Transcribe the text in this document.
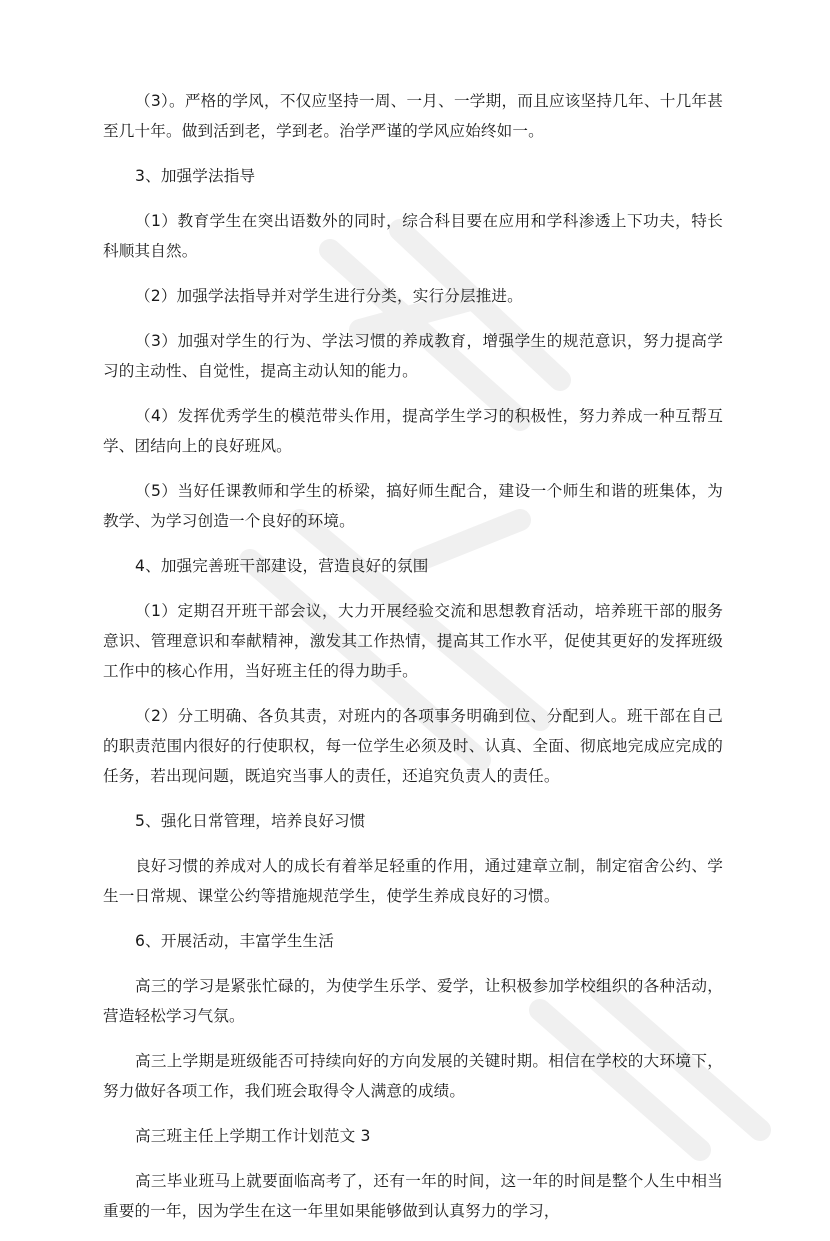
（3）。严格的学风，不仅应坚持一周、一月、一学期，而且应该坚持几年、十几年甚至几十年。做到活到老，学到老。治学严谨的学风应始终如一。

3、加强学法指导

（1）教育学生在突出语数外的同时，综合科目要在应用和学科渗透上下功夫，特长科顺其自然。

（2）加强学法指导并对学生进行分类，实行分层推进。

（3）加强对学生的行为、学法习惯的养成教育，增强学生的规范意识，努力提高学习的主动性、自觉性，提高主动认知的能力。

（4）发挥优秀学生的模范带头作用，提高学生学习的积极性，努力养成一种互帮互学、团结向上的良好班风。

（5）当好任课教师和学生的桥梁，搞好师生配合，建设一个师生和谐的班集体，为教学、为学习创造一个良好的环境。

4、加强完善班干部建设，营造良好的氛围

（1）定期召开班干部会议，大力开展经验交流和思想教育活动，培养班干部的服务意识、管理意识和奉献精神，激发其工作热情，提高其工作水平，促使其更好的发挥班级工作中的核心作用，当好班主任的得力助手。

（2）分工明确、各负其责，对班内的各项事务明确到位、分配到人。班干部在自己的职责范围内很好的行使职权，每一位学生必须及时、认真、全面、彻底地完成应完成的任务，若出现问题，既追究当事人的责任，还追究负责人的责任。

5、强化日常管理，培养良好习惯

良好习惯的养成对人的成长有着举足轻重的作用，通过建章立制，制定宿舍公约、学生一日常规、课堂公约等措施规范学生，使学生养成良好的习惯。

6、开展活动，丰富学生生活

高三的学习是紧张忙碌的，为使学生乐学、爱学，让积极参加学校组织的各种活动，营造轻松学习气氛。

高三上学期是班级能否可持续向好的方向发展的关键时期。相信在学校的大环境下，努力做好各项工作，我们班会取得令人满意的成绩。

高三班主任上学期工作计划范文 3

高三毕业班马上就要面临高考了，还有一年的时间，这一年的时间是整个人生中相当重要的一年，因为学生在这一年里如果能够做到认真努力的学习，
